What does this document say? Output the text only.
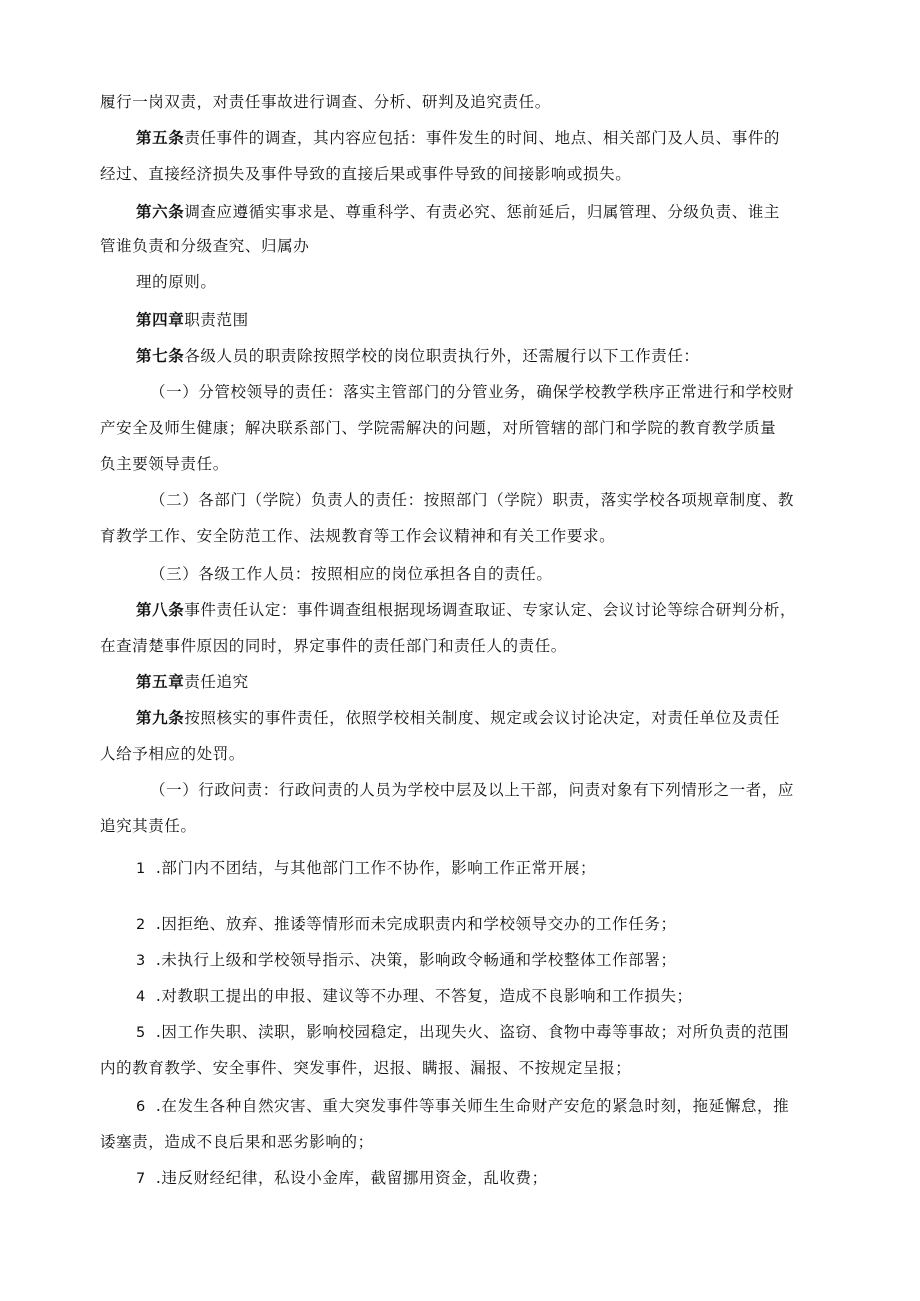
履行一岗双责，对责任事故进行调查、分析、研判及追究责任。
第五条责任事件的调查，其内容应包括：事件发生的时间、地点、相关部门及人员、事件的
经过、直接经济损失及事件导致的直接后果或事件导致的间接影响或损失。
第六条调查应遵循实事求是、尊重科学、有责必究、惩前延后，归属管理、分级负责、谁主
管谁负责和分级查究、归属办
理的原则。
第四章职责范围
第七条各级人员的职责除按照学校的岗位职责执行外，还需履行以下工作责任：
（一）分管校领导的责任：落实主管部门的分管业务，确保学校教学秩序正常进行和学校财
产安全及师生健康；解决联系部门、学院需解决的问题，对所管辖的部门和学院的教育教学质量
负主要领导责任。
（二）各部门（学院）负责人的责任：按照部门（学院）职责，落实学校各项规章制度、教
育教学工作、安全防范工作、法规教育等工作会议精神和有关工作要求。
（三）各级工作人员：按照相应的岗位承担各自的责任。
第八条事件责任认定：事件调查组根据现场调查取证、专家认定、会议讨论等综合研判分析，
在查清楚事件原因的同时，界定事件的责任部门和责任人的责任。
第五章责任追究
第九条按照核实的事件责任，依照学校相关制度、规定或会议讨论决定，对责任单位及责任
人给予相应的处罚。
（一）行政问责：行政问责的人员为学校中层及以上干部，问责对象有下列情形之一者，应
追究其责任。
1 .部门内不团结，与其他部门工作不协作，影响工作正常开展；
2 .因拒绝、放弃、推诿等情形而未完成职责内和学校领导交办的工作任务；
3 .未执行上级和学校领导指示、决策，影响政令畅通和学校整体工作部署；
4 .对教职工提出的申报、建议等不办理、不答复，造成不良影响和工作损失；
5 .因工作失职、渎职，影响校园稳定，出现失火、盗窃、食物中毒等事故；对所负责的范围
内的教育教学、安全事件、突发事件，迟报、瞒报、漏报、不按规定呈报；
6 .在发生各种自然灾害、重大突发事件等事关师生生命财产安危的紧急时刻，拖延懈怠，推
诿塞责，造成不良后果和恶劣影响的；
7 .违反财经纪律，私设小金库，截留挪用资金，乱收费；
